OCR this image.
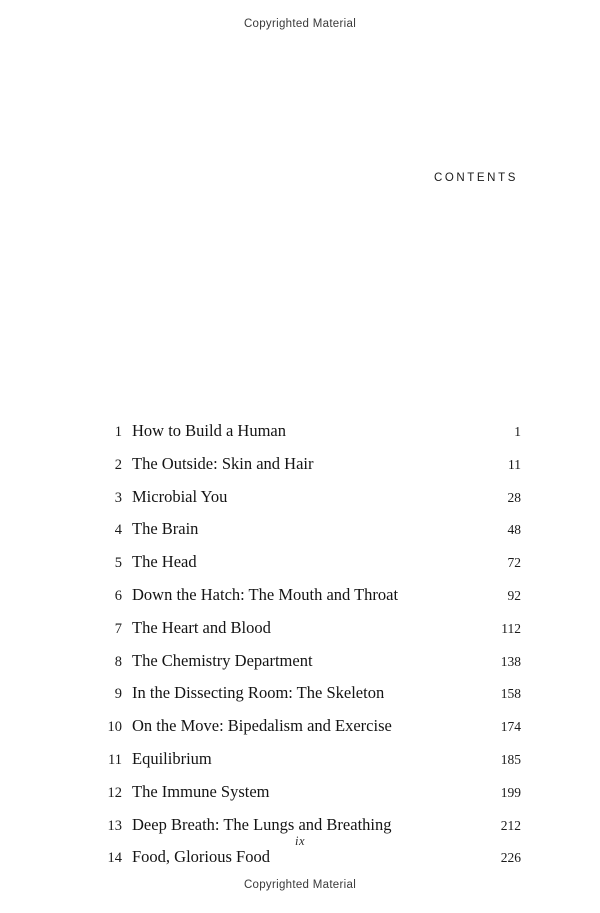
Copyrighted Material
CONTENTS
1 How to Build a Human	1
2 The Outside: Skin and Hair	11
3 Microbial You	28
4 The Brain	48
5 The Head	72
6 Down the Hatch: The Mouth and Throat	92
7 The Heart and Blood	112
8 The Chemistry Department	138
9 In the Dissecting Room: The Skeleton	158
10 On the Move: Bipedalism and Exercise	174
11 Equilibrium	185
12 The Immune System	199
13 Deep Breath: The Lungs and Breathing	212
14 Food, Glorious Food	226
ix
Copyrighted Material
